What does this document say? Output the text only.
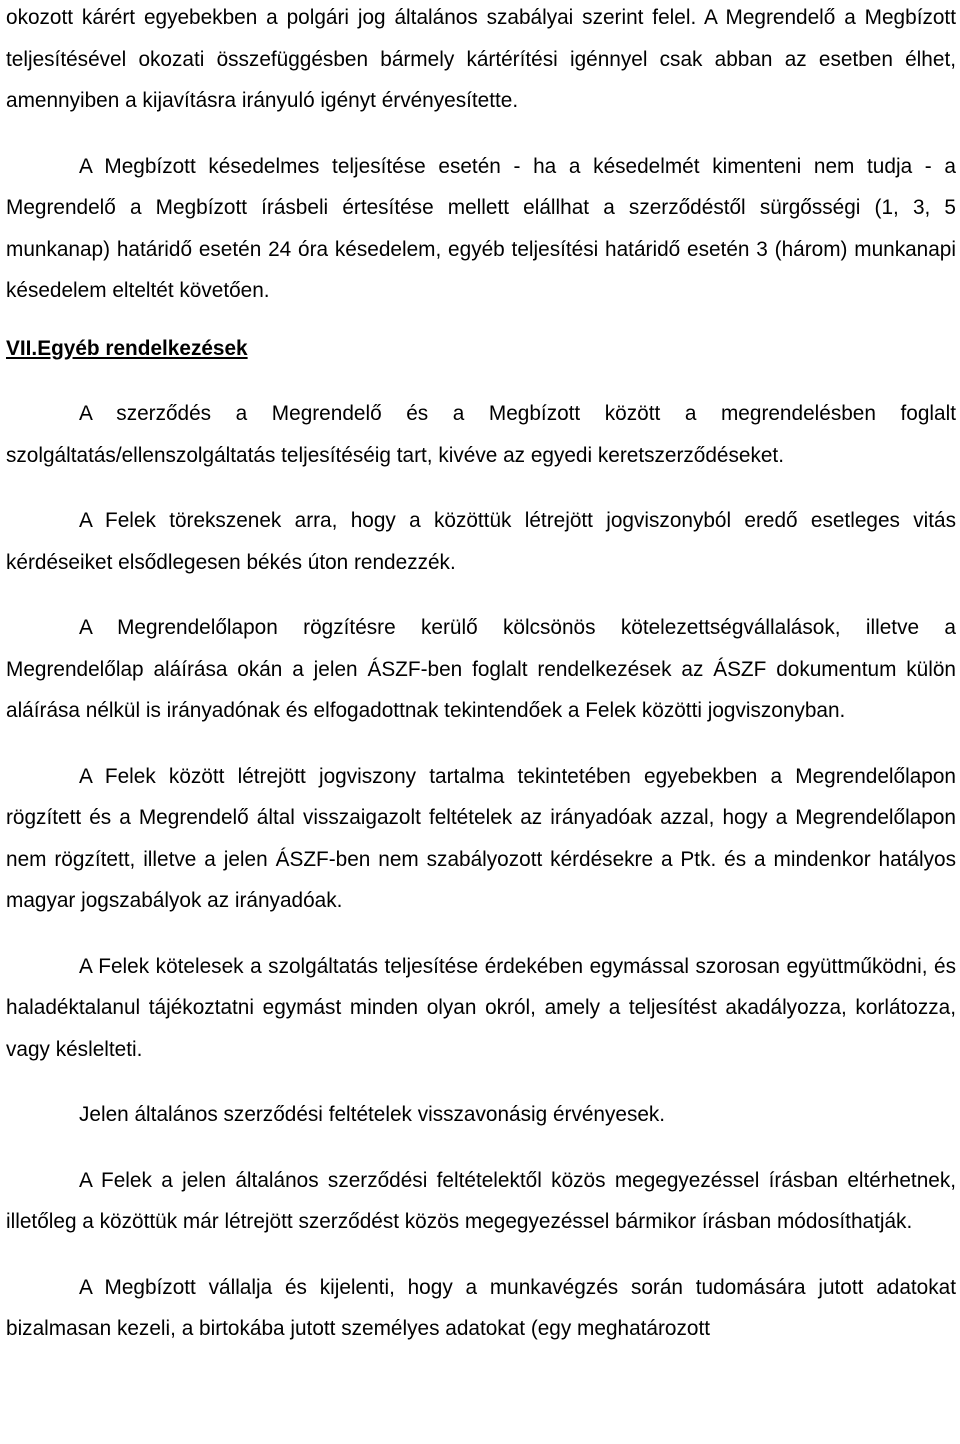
okozott kárért egyebekben a polgári jog általános szabályai szerint felel. A Megrendelő a Megbízott teljesítésével okozati összefüggésben bármely kártérítési igénnyel csak abban az esetben élhet, amennyiben a kijavításra irányuló igényt érvényesítette.

A Megbízott késedelmes teljesítése esetén - ha a késedelmét kimenteni nem tudja - a Megrendelő a Megbízott írásbeli értesítése mellett elállhat a szerződéstől sürgősségi (1, 3, 5 munkanap) határidő esetén 24 óra késedelem, egyéb teljesítési határidő esetén 3 (három) munkanapi késedelem elteltét követően.

VII.Egyéb rendelkezések

A szerződés a Megrendelő és a Megbízott között a megrendelésben foglalt szolgáltatás/ellenszolgáltatás teljesítéséig tart, kivéve az egyedi keretszerződéseket.

A Felek törekszenek arra, hogy a közöttük létrejött jogviszonyból eredő esetleges vitás kérdéseiket elsődlegesen békés úton rendezzék.

A Megrendelőlapon rögzítésre kerülő kölcsönös kötelezettségvállalások, illetve a Megrendelőlap aláírása okán a jelen ÁSZF-ben foglalt rendelkezések az ÁSZF dokumentum külön aláírása nélkül is irányadónak és elfogadottnak tekintendőek a Felek közötti jogviszonyban.

A Felek között létrejött jogviszony tartalma tekintetében egyebekben a Megrendelőlapon rögzített és a Megrendelő által visszaigazolt feltételek az irányadóak azzal, hogy a Megrendelőlapon nem rögzített, illetve a jelen ÁSZF-ben nem szabályozott kérdésekre a Ptk. és a mindenkor hatályos magyar jogszabályok az irányadóak.

A Felek kötelesek a szolgáltatás teljesítése érdekében egymással szorosan együttműködni, és haladéktalanul tájékoztatni egymást minden olyan okról, amely a teljesítést akadályozza, korlátozza, vagy késlelteti.

Jelen általános szerződési feltételek visszavonásig érvényesek.

A Felek a jelen általános szerződési feltételektől közös megegyezéssel írásban eltérhetnek, illetőleg a közöttük már létrejött szerződést közös megegyezéssel bármikor írásban módosíthatják.

A Megbízott vállalja és kijelenti, hogy a munkavégzés során tudomására jutott adatokat bizalmasan kezeli, a birtokába jutott személyes adatokat (egy meghatározott
